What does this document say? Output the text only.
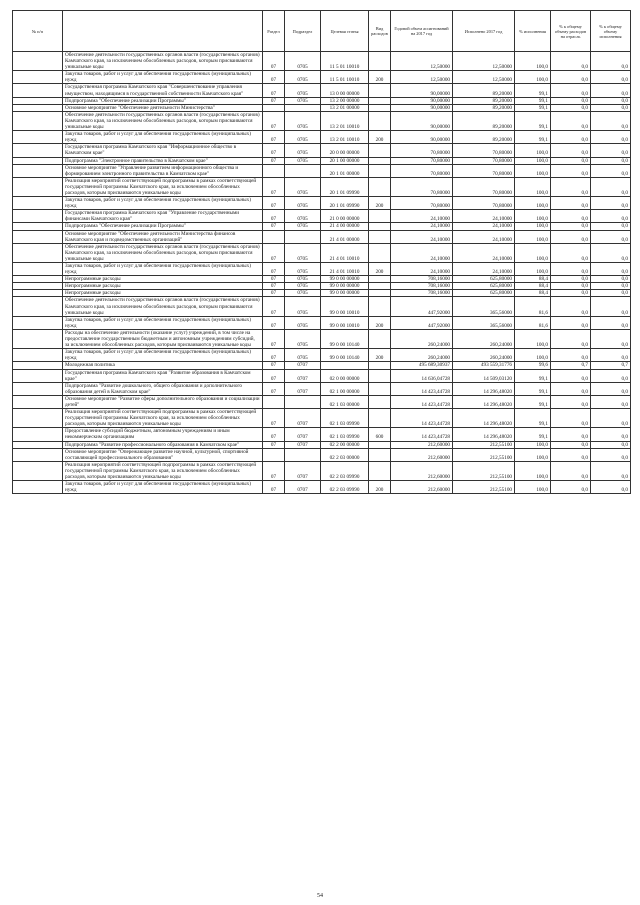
№ п/п		Раздел	Подраздел	Целевая статья	Вид расходов	Годовой объем ассигнований на 2017 год	Исполнено 2017 год	% исполнения	% к общему объему расходов на отрасль	% к общему объему исполнения
	Обеспечение деятельности государственных органов власти (государственных органов) Камчатского края, за исключением обособленных расходов, которым присваиваются уникальные коды	07	0705	11 5 01 10010		12,50000	12,50000	100,0	0,0	0,0
	Закупка товаров, работ и услуг для обеспечения государственных (муниципальных) нужд	07	0705	11 5 01 10010	200	12,50000	12,50000	100,0	0,0	0,0
	Государственная программа Камчатского края "Совершенствование управления имуществом, находящимся в государственной собственности Камчатского края"	07	0705	13 0 00 00000		90,00000	89,20000	99,1	0,0	0,0
	Подпрограмма "Обеспечение реализации Программы"	07	0705	13 2 00 00000		90,00000	89,20000	99,1	0,0	0,0
	Основное мероприятие "Обеспечение деятельности Министерства"			13 2 01 00000		90,00000	89,20000	99,1	0,0	0,0
	Обеспечение деятельности государственных органов власти (государственных органов) Камчатского края, за исключением обособленных расходов, которым присваиваются уникальные коды	07	0705	13 2 01 10010		90,00000	89,20000	99,1	0,0	0,0
	Закупка товаров, работ и услуг для обеспечения государственных (муниципальных) нужд	07	0705	13 2 01 10010	200	90,00000	89,20000	99,1	0,0	0,0
	Государственная программа Камчатского края "Информационное общество в Камчатском крае"	07	0705	20 0 00 00000		70,80000	70,80000	100,0	0,0	0,0
	Подпрограмма "Электронное правительство в Камчатском крае"	07	0705	20 1 00 00000		70,80000	70,80000	100,0	0,0	0,0
	Основное мероприятие "Управление развитием информационного общества и формированием электронного правительства в Камчатском крае"			20 1 01 00000		70,80000	70,80000	100,0	0,0	0,0
	Реализация мероприятий соответствующей подпрограммы в рамках соответствующей государственной программы Камчатского края, за исключением обособленных расходов, которым присваиваются уникальные коды	07	0705	20 1 01 09990		70,80000	70,80000	100,0	0,0	0,0
	Закупка товаров, работ и услуг для обеспечения государственных (муниципальных) нужд	07	0705	20 1 01 09990	200	70,80000	70,80000	100,0	0,0	0,0
	Государственная программа Камчатского края "Управление государственными финансами Камчатского края"	07	0705	21 0 00 00000		24,10000	24,10000	100,0	0,0	0,0
	Подпрограмма "Обеспечение реализации Программы"	07	0705	21 4 00 00000		24,10000	24,10000	100,0	0,0	0,0
	Основное мероприятие "Обеспечение деятельности Министерства финансов Камчатского края и подведомственных организаций"			21 4 01 00000		24,10000	24,10000	100,0	0,0	0,0
	Обеспечение деятельности государственных органов власти (государственных органов) Камчатского края, за исключением обособленных расходов, которым присваиваются уникальные коды	07	0705	21 4 01 10010		24,10000	24,10000	100,0	0,0	0,0
	Закупка товаров, работ и услуг для обеспечения государственных (муниципальных) нужд	07	0705	21 4 01 10010	200	24,10000	24,10000	100,0	0,0	0,0
	Непрограммные расходы	07	0705	99 0 00 00000		708,16000	625,80000	88,4	0,0	0,0
	Непрограммные расходы	07	0705	99 0 00 00000		708,16000	625,80000	88,4	0,0	0,0
	Непрограммные расходы	07	0705	99 0 00 00000		708,16000	625,80000	88,4	0,0	0,0
	Обеспечение деятельности государственных органов власти (государственных органов) Камчатского края, за исключением обособленных расходов, которым присваиваются уникальные коды	07	0705	99 0 00 10010		447,92000	365,56000	81,6	0,0	0,0
	Закупка товаров, работ и услуг для обеспечения государственных (муниципальных) нужд	07	0705	99 0 00 10010	200	447,92000	365,56000	81,6	0,0	0,0
	Расходы на обеспечение деятельности (оказание услуг) учреждений, в том числе на предоставление государственным бюджетным и автономным учреждениям субсидий, за исключением обособленных расходов, которым присваиваются уникальные коды	07	0705	99 0 00 10140		260,24000	260,24000	100,0	0,0	0,0
	Закупка товаров, работ и услуг для обеспечения государственных (муниципальных) нужд	07	0705	99 0 00 10140	200	260,24000	260,24000	100,0	0,0	0,0
	Молодежная политика	07	0707			495 689,30937	493 559,31776	99,6	0,7	0,7
	Государственная программа Камчатского края "Развитие образования в Камчатском крае"	07	0707	02 0 00 00000		14 636,04728	14 509,03120	99,1	0,0	0,0
	Подпрограмма "Развитие дошкольного, общего образования и дополнительного образования детей в Камчатском крае"	07	0707	02 1 00 00000		14 423,44728	14 296,48020	99,1	0,0	0,0
	Основное мероприятие "Развитие сферы дополнительного образования и социализации детей"			02 1 03 00000		14 423,44728	14 296,48020	99,1	0,0	0,0
	Реализация мероприятий соответствующей подпрограммы в рамках соответствующей государственной программы Камчатского края, за исключением обособленных расходов, которым присваиваются уникальные коды	07	0707	02 1 03 09990		14 423,44728	14 296,48020	99,1	0,0	0,0
	Предоставление субсидий бюджетным, автономным учреждениям и иным некоммерческим организациям	07	0707	02 1 03 09990	600	14 423,44728	14 296,48020	99,1	0,0	0,0
	Подпрограмма "Развитие профессионального образования в Камчатском крае"	07	0707	02 2 00 00000		212,60000	212,55100	100,0	0,0	0,0
	Основное мероприятие "Опережающее развитие научной, культурной, спортивной составляющей профессионального образования"			02 2 03 00000		212,60000	212,55100	100,0	0,0	0,0
	Реализация мероприятий соответствующей подпрограммы в рамках соответствующей государственной программы Камчатского края, за исключением обособленных расходов, которым присваиваются уникальные коды	07	0707	02 2 03 09990		212,60000	212,55100	100,0	0,0	0,0
	Закупка товаров, работ и услуг для обеспечения государственных (муниципальных) нужд	07	0707	02 2 03 09990	200	212,60000	212,55100	100,0	0,0	0,0
54
